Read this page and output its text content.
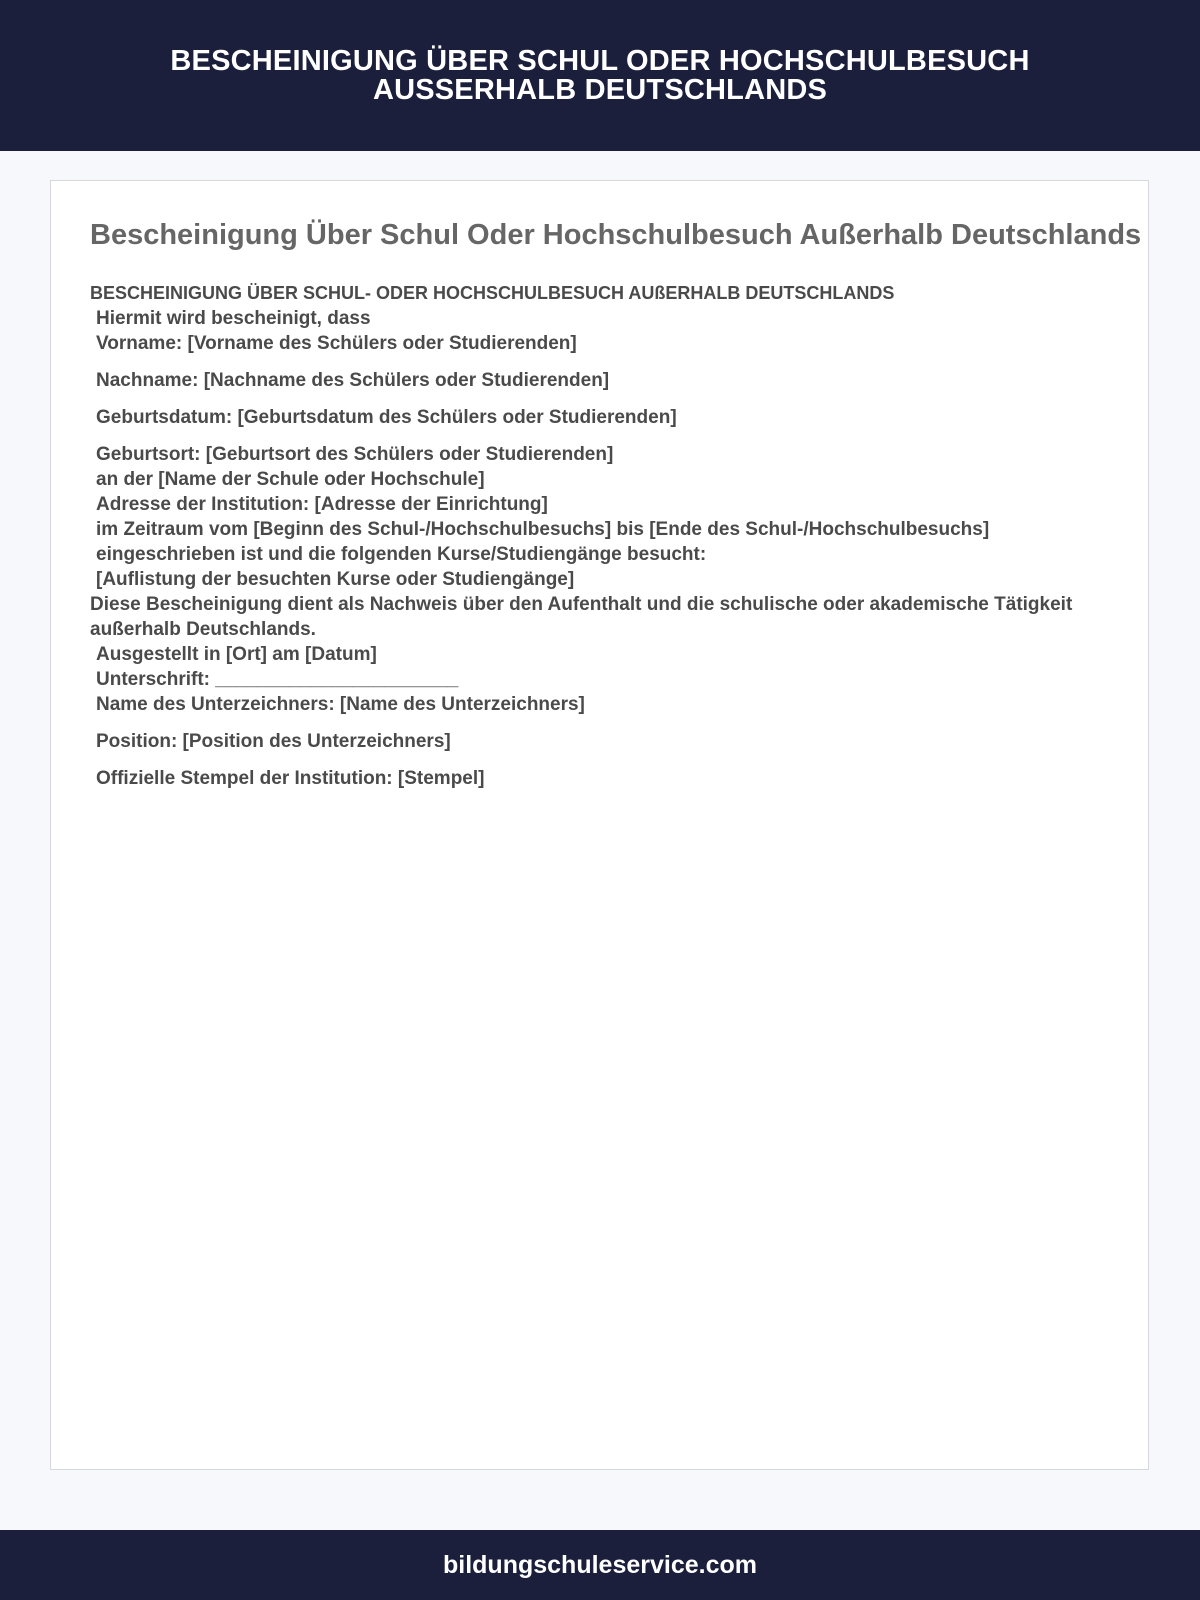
BESCHEINIGUNG ÜBER SCHUL ODER HOCHSCHULBESUCH
AUSSERHALB DEUTSCHLANDS
Bescheinigung Über Schul Oder Hochschulbesuch Außerhalb Deutschlands
BESCHEINIGUNG ÜBER SCHUL- ODER HOCHSCHULBESUCH AUßERHALB DEUTSCHLANDS
Hiermit wird bescheinigt, dass
Vorname: [Vorname des Schülers oder Studierenden]
Nachname: [Nachname des Schülers oder Studierenden]
Geburtsdatum: [Geburtsdatum des Schülers oder Studierenden]
Geburtsort: [Geburtsort des Schülers oder Studierenden]
an der [Name der Schule oder Hochschule]
Adresse der Institution: [Adresse der Einrichtung]
im Zeitraum vom [Beginn des Schul-/Hochschulbesuchs] bis [Ende des Schul-/Hochschulbesuchs]
eingeschrieben ist und die folgenden Kurse/Studiengänge besucht:
[Auflistung der besuchten Kurse oder Studiengänge]
Diese Bescheinigung dient als Nachweis über den Aufenthalt und die schulische oder akademische Tätigkeit außerhalb Deutschlands.
Ausgestellt in [Ort] am [Datum]
Unterschrift: _______________________
Name des Unterzeichners: [Name des Unterzeichners]
Position: [Position des Unterzeichners]
Offizielle Stempel der Institution: [Stempel]
bildungschuleservice.com
